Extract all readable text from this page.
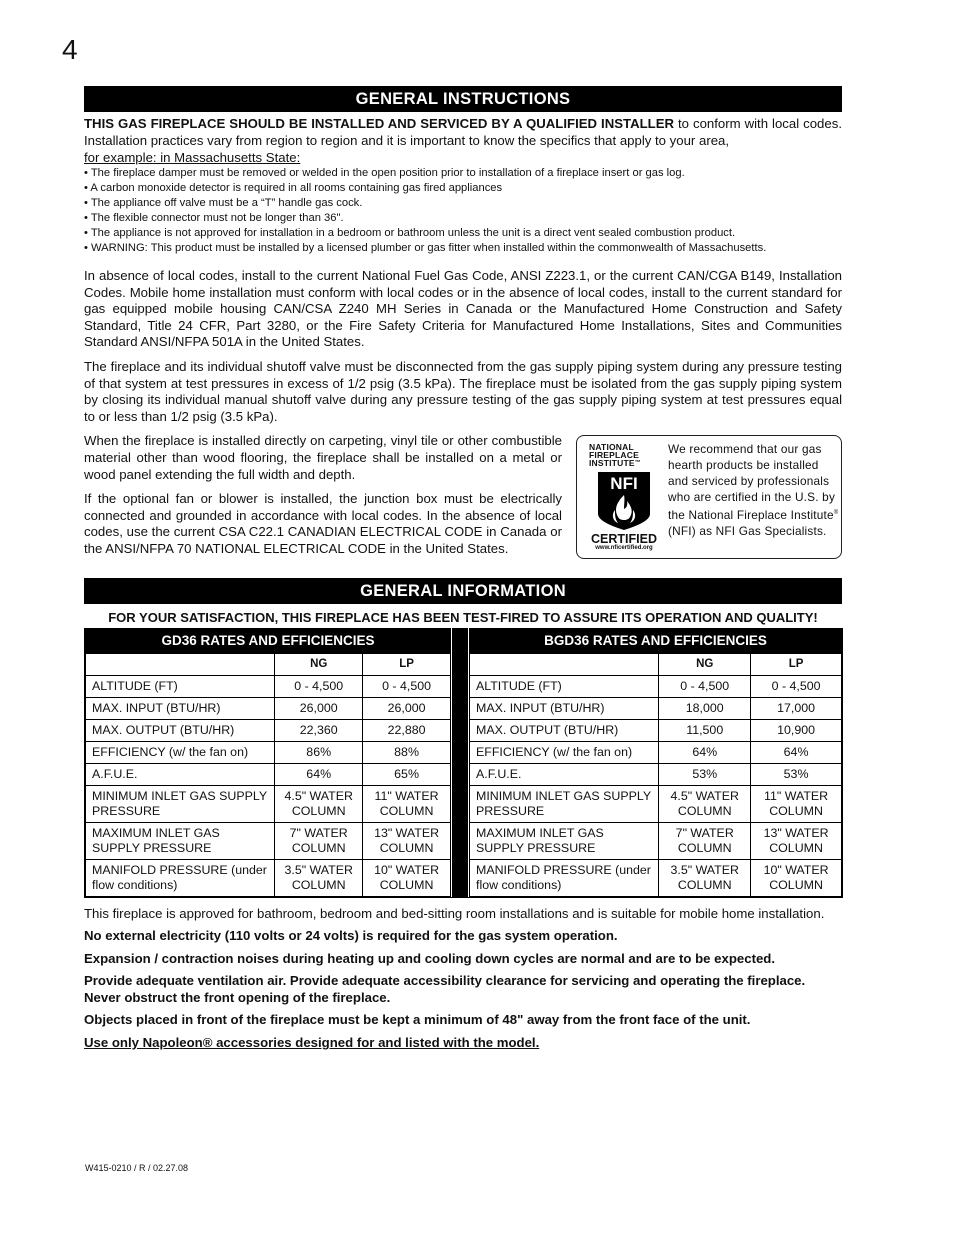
4
GENERAL INSTRUCTIONS
THIS GAS FIREPLACE SHOULD BE INSTALLED AND SERVICED BY A QUALIFIED INSTALLER to conform with local codes. Installation practices vary from region to region and it is important to know the specifics that apply to your area,
for example: in Massachusetts State:
• The fireplace damper must be removed or welded in the open position prior to installation of a fireplace insert or gas log.
• A carbon monoxide detector is required in all rooms containing gas fired appliances
• The appliance off valve must be a “T” handle gas cock.
• The flexible connector must not be longer than 36".
• The appliance is not approved for installation in a bedroom or bathroom unless the unit is a direct vent sealed combustion product.
• WARNING: This product must be installed by a licensed plumber or gas fitter when installed within the commonwealth of Massachusetts.

In absence of local codes, install to the current National Fuel Gas Code, ANSI Z223.1, or the current CAN/CGA B149, Installation Codes. Mobile home installation must conform with local codes or in the absence of local codes, install to the current standard for gas equipped mobile housing CAN/CSA Z240 MH Series in Canada or the Manufactured Home Construction and Safety Standard, Title 24 CFR, Part 3280, or the Fire Safety Criteria for Manufactured Home Installations, Sites and Communities Standard ANSI/NFPA 501A in the United States.

The fireplace and its individual shutoff valve must be disconnected from the gas supply piping system during any pressure testing of that system at test pressures in excess of 1/2 psig (3.5 kPa). The fireplace must be isolated from the gas supply piping system by closing its individual manual shutoff valve during any pressure testing of the gas supply piping system at test pressures equal to or less than 1/2 psig (3.5 kPa).

When the fireplace is installed directly on carpeting, vinyl tile or other combustible material other than wood flooring, the fireplace shall be installed on a metal or wood panel extending the full width and depth.

If the optional fan or blower is installed, the junction box must be electrically connected and grounded in accordance with local codes. In the absence of local codes, use the current CSA C22.1 CANADIAN ELECTRICAL CODE in Canada or the ANSI/NFPA 70 NATIONAL ELECTRICAL CODE in the United States.

NATIONAL
FIREPLACE
INSTITUTE™
NFI
CERTIFIED
www.nficertified.org
We recommend that our gas hearth products be installed and serviced by professionals who are certified in the U.S. by the National Fireplace Institute® (NFI) as NFI Gas Specialists.
GENERAL INFORMATION
FOR YOUR SATISFACTION, THIS FIREPLACE HAS BEEN TEST-FIRED TO ASSURE ITS OPERATION AND QUALITY!
GD36 RATES AND EFFICIENCIES		
	NG	LP
ALTITUDE (FT)	0 - 4,500	0 - 4,500
MAX. INPUT (BTU/HR)	26,000	26,000
MAX. OUTPUT (BTU/HR)	22,360	22,880
EFFICIENCY (w/ the fan on)	86%	88%
A.F.U.E.	64%	65%
MINIMUM INLET GAS SUPPLY PRESSURE	4.5" WATER COLUMN	11" WATER COLUMN
MAXIMUM INLET GAS SUPPLY PRESSURE	7" WATER COLUMN	13" WATER COLUMN
MANIFOLD PRESSURE (under flow conditions)	3.5" WATER COLUMN	10" WATER COLUMN
BGD36 RATES AND EFFICIENCIES		
	NG	LP
ALTITUDE (FT)	0 - 4,500	0 - 4,500
MAX. INPUT (BTU/HR)	18,000	17,000
MAX. OUTPUT (BTU/HR)	11,500	10,900
EFFICIENCY (w/ the fan on)	64%	64%
A.F.U.E.	53%	53%
MINIMUM INLET GAS SUPPLY PRESSURE	4.5" WATER COLUMN	11" WATER COLUMN
MAXIMUM INLET GAS SUPPLY PRESSURE	7" WATER COLUMN	13" WATER COLUMN
MANIFOLD PRESSURE (under flow conditions)	3.5" WATER COLUMN	10" WATER COLUMN

This fireplace is approved for bathroom, bedroom and bed-sitting room installations and is suitable for mobile home installation.

No external electricity (110 volts or 24 volts) is required for the gas system operation.

Expansion / contraction noises during heating up and cooling down cycles are normal and are to be expected.

Provide adequate ventilation air. Provide adequate accessibility clearance for servicing and operating the fireplace. Never obstruct the front opening of the fireplace.

Objects placed in front of the fireplace must be kept a minimum of 48" away from the front face of the unit.

Use only Napoleon® accessories designed for and listed with the model.

W415-0210 / R / 02.27.08
